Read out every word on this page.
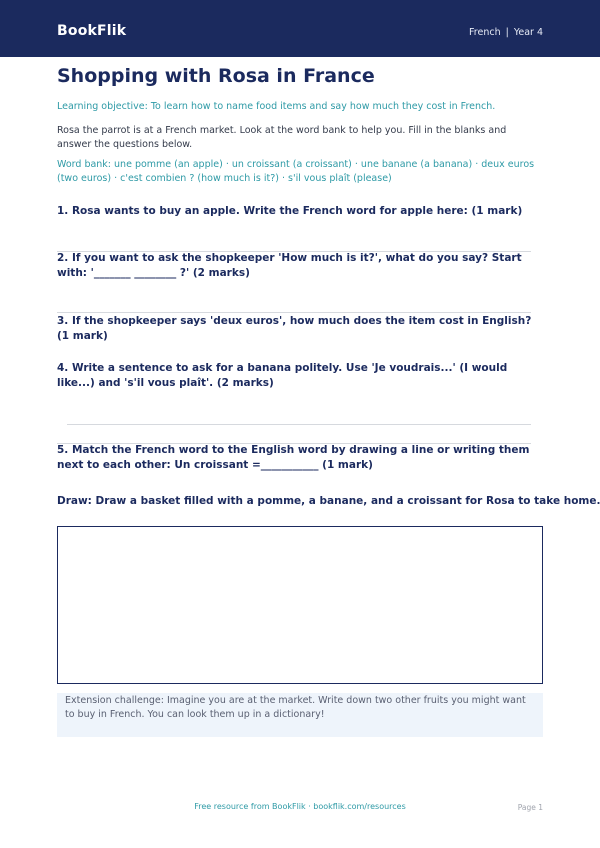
BookFlik	French | Year 4
Shopping with Rosa in France
Learning objective: To learn how to name food items and say how much they cost in French.
Rosa the parrot is at a French market. Look at the word bank to help you. Fill in the blanks and answer the questions below.
Word bank: une pomme (an apple) · un croissant (a croissant) · une banane (a banana) · deux euros (two euros) · c'est combien ? (how much is it?) · s'il vous plaît (please)

1. Rosa wants to buy an apple. Write the French word for apple here: (1 mark)

2. If you want to ask the shopkeeper 'How much is it?', what do you say? Start with: '_______ ________ ?' (2 marks)

3. If the shopkeeper says 'deux euros', how much does the item cost in English? (1 mark)

4. Write a sentence to ask for a banana politely. Use 'Je voudrais...' (I would like...) and 's'il vous plaît'. (2 marks)

5. Match the French word to the English word by drawing a line or writing them next to each other: Un croissant =___________ (1 mark)

Draw: Draw a basket filled with a pomme, a banane, and a croissant for Rosa to take home.
Extension challenge: Imagine you are at the market. Write down two other fruits you might want to buy in French. You can look them up in a dictionary!
Free resource from BookFlik · bookflik.com/resources	Page 1
